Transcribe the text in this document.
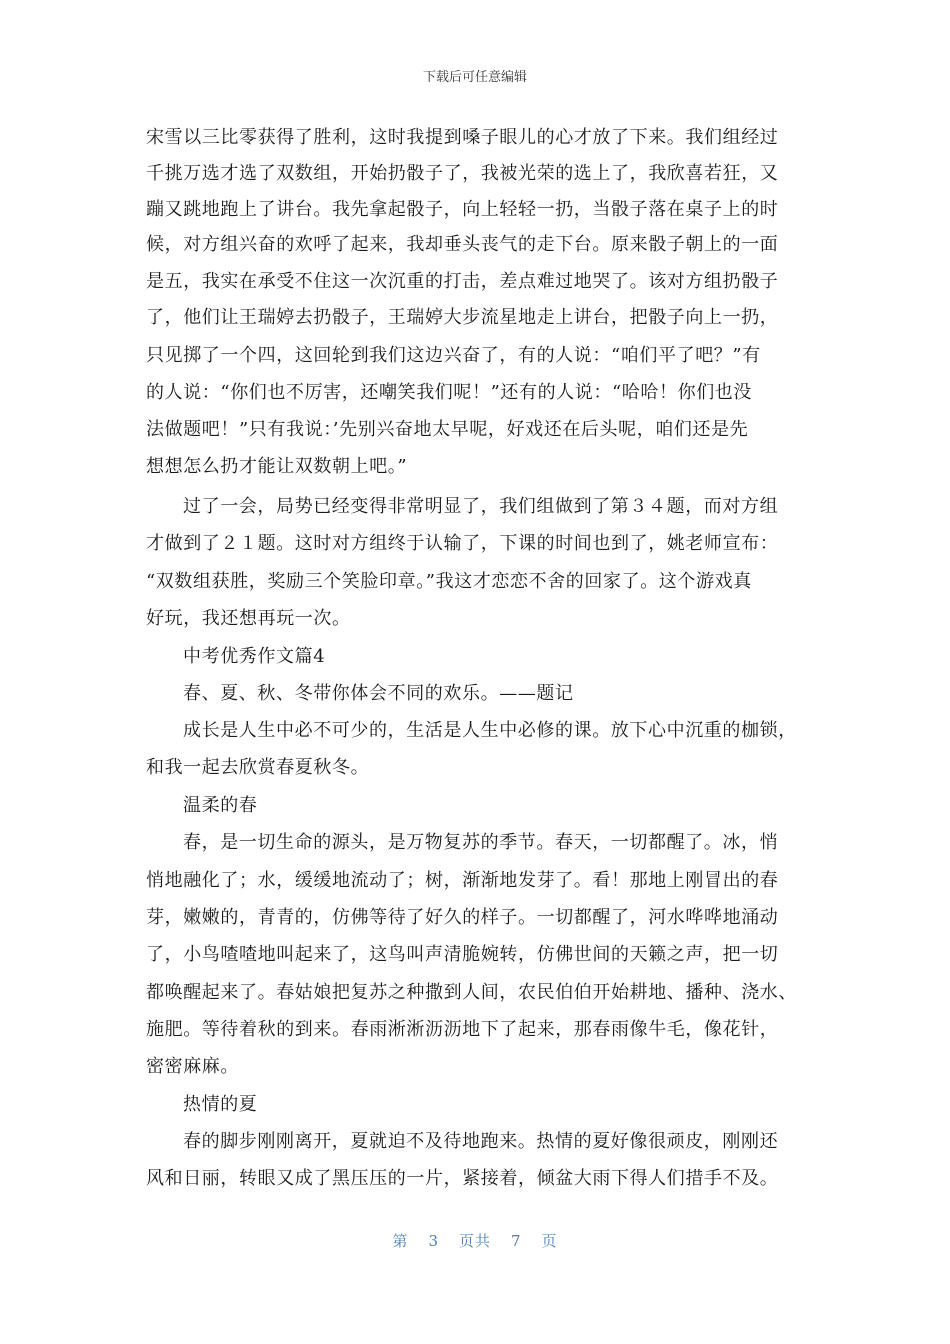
下载后可任意编辑
宋雪以三比零获得了胜利，这时我提到嗓子眼儿的心才放了下来。我们组经过
千挑万选才选了双数组，开始扔骰子了，我被光荣的选上了，我欣喜若狂，又
蹦又跳地跑上了讲台。我先拿起骰子，向上轻轻一扔，当骰子落在桌子上的时
候，对方组兴奋的欢呼了起来，我却垂头丧气的走下台。原来骰子朝上的一面
是五，我实在承受不住这一次沉重的打击，差点难过地哭了。该对方组扔骰子
了，他们让王瑞婷去扔骰子，王瑞婷大步流星地走上讲台，把骰子向上一扔，
只见掷了一个四，这回轮到我们这边兴奋了，有的人说：“咱们平了吧？”有
的人说：“你们也不厉害，还嘲笑我们呢！”还有的人说：“哈哈！你们也没
法做题吧！”只有我说：’先别兴奋地太早呢，好戏还在后头呢，咱们还是先
想想怎么扔才能让双数朝上吧。”
过了一会，局势已经变得非常明显了，我们组做到了第３４题，而对方组
才做到了２１题。这时对方组终于认输了，下课的时间也到了，姚老师宣布：
“双数组获胜，奖励三个笑脸印章。”我这才恋恋不舍的回家了。这个游戏真
好玩，我还想再玩一次。
中考优秀作文篇4
春、夏、秋、冬带你体会不同的欢乐。——题记
成长是人生中必不可少的，生活是人生中必修的课。放下心中沉重的枷锁，
和我一起去欣赏春夏秋冬。
温柔的春
春，是一切生命的源头，是万物复苏的季节。春天，一切都醒了。冰，悄
悄地融化了；水，缓缓地流动了；树，渐渐地发芽了。看！那地上刚冒出的春
芽，嫩嫩的，青青的，仿佛等待了好久的样子。一切都醒了，河水哗哗地涌动
了，小鸟喳喳地叫起来了，这鸟叫声清脆婉转，仿佛世间的天籁之声，把一切
都唤醒起来了。春姑娘把复苏之种撒到人间，农民伯伯开始耕地、播种、浇水、
施肥。等待着秋的到来。春雨淅淅沥沥地下了起来，那春雨像牛毛，像花针，
密密麻麻。
热情的夏
春的脚步刚刚离开，夏就迫不及待地跑来。热情的夏好像很顽皮，刚刚还
风和日丽，转眼又成了黑压压的一片，紧接着，倾盆大雨下得人们措手不及。
第 3 页共 7 页
